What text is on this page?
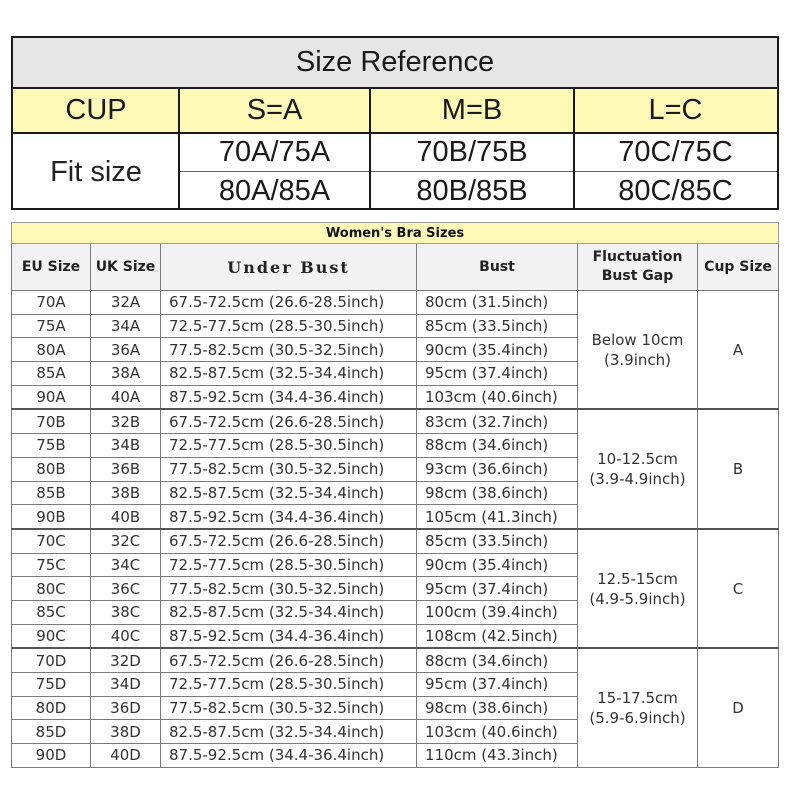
Size Reference
CUP	S=A	M=B	L=C
Fit size
70A/75A	70B/75B	70C/75C
80A/85A	80B/85B	80C/85C
Women's Bra Sizes					
EU Size	UK Size	Under Bust	Bust	Fluctuation Bust Gap	Cup Size
70A	32A	67.5-72.5cm (26.6-28.5inch)	80cm (31.5inch)	Below 10cm (3.9inch)	A
75A	34A	72.5-77.5cm (28.5-30.5inch)	85cm (33.5inch)		
80A	36A	77.5-82.5cm (30.5-32.5inch)	90cm (35.4inch)		
85A	38A	82.5-87.5cm (32.5-34.4inch)	95cm (37.4inch)		
90A	40A	87.5-92.5cm (34.4-36.4inch)	103cm (40.6inch)		
70B	32B	67.5-72.5cm (26.6-28.5inch)	83cm (32.7inch)	10-12.5cm (3.9-4.9inch)	B
75B	34B	72.5-77.5cm (28.5-30.5inch)	88cm (34.6inch)		
80B	36B	77.5-82.5cm (30.5-32.5inch)	93cm (36.6inch)		
85B	38B	82.5-87.5cm (32.5-34.4inch)	98cm (38.6inch)		
90B	40B	87.5-92.5cm (34.4-36.4inch)	105cm (41.3inch)		
70C	32C	67.5-72.5cm (26.6-28.5inch)	85cm (33.5inch)	12.5-15cm (4.9-5.9inch)	C
75C	34C	72.5-77.5cm (28.5-30.5inch)	90cm (35.4inch)		
80C	36C	77.5-82.5cm (30.5-32.5inch)	95cm (37.4inch)		
85C	38C	82.5-87.5cm (32.5-34.4inch)	100cm (39.4inch)		
90C	40C	87.5-92.5cm (34.4-36.4inch)	108cm (42.5inch)		
70D	32D	67.5-72.5cm (26.6-28.5inch)	88cm (34.6inch)	15-17.5cm (5.9-6.9inch)	D
75D	34D	72.5-77.5cm (28.5-30.5inch)	95cm (37.4inch)		
80D	36D	77.5-82.5cm (30.5-32.5inch)	98cm (38.6inch)		
85D	38D	82.5-87.5cm (32.5-34.4inch)	103cm (40.6inch)		
90D	40D	87.5-92.5cm (34.4-36.4inch)	110cm (43.3inch)		
